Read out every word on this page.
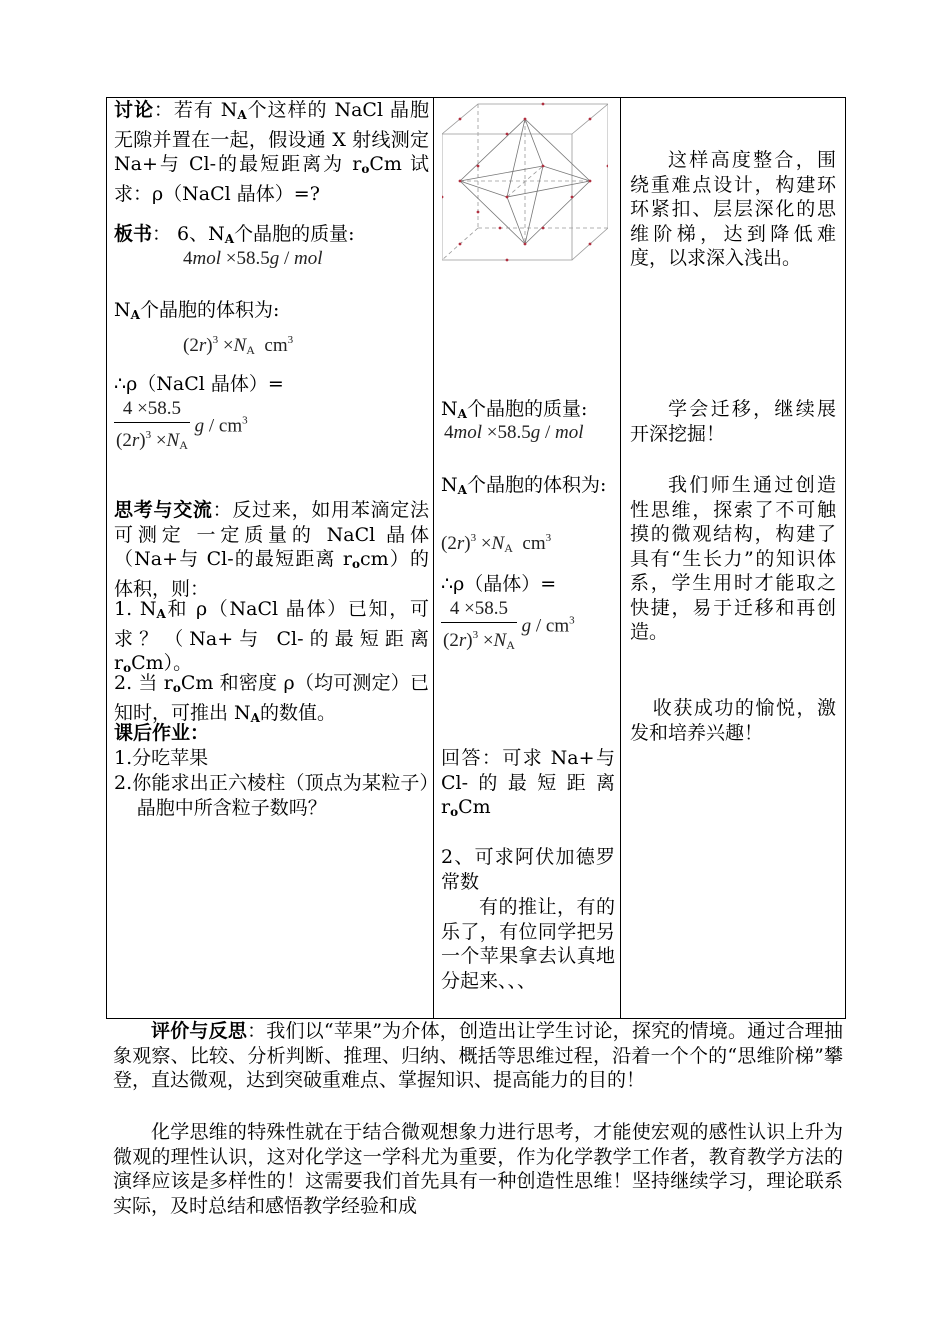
讨论：若有 $N_A$个这样的 NaCl 晶胞无隙并置在一起，假设通 X 射线测定 Na+与 Cl-的最短距离为 $r_oCm$ 试求：ρ（NaCl 晶体）=?
板书： 6、$N_A$个晶胞的质量:
4mol ×58.5g / mol
$N_A$个晶胞的体积为:
$(2r)^3 \times N_A$ $cm^3$
∴ρ（NaCl 晶体）=
$\frac{4 \times 58.5}{(2r)^3 \times N_A}$ g / $cm^3$
思考与交流：反过来，如用苯滴定法可测定 一定质量的 NaCl 晶体（Na+与 Cl-的最短距离 $r_ocm$）的体积，则：
1. $N_A$和 ρ（NaCl 晶体）已知，可求？（Na+与 Cl-的最短距离 $r_oCm$）。
2. 当 $r_oCm$ 和密度 ρ（均可测定）已知时，可推出 $N_A$的数值。
课后作业：
1.分吃苹果
2.你能求出正六棱柱（顶点为某粒子）晶胞中所含粒子数吗？
$N_A$个晶胞的质量:
4mol ×58.5g / mol
$N_A$个晶胞的体积为:
$(2r)^3 \times N_A$ $cm^3$
∴ρ（晶体）=
$\frac{4 \times 58.5}{(2r)^3 \times N_A}$ g / $cm^3$
回答：可求 Na+与 Cl-的最短距离 $r_oCm$
2、可求阿伏加德罗常数
有的推让，有的乐了，有位同学把另一个苹果拿去认真地分起来、、、
这样高度整合，围绕重难点设计，构建环环紧扣、层层深化的思维阶梯，达到降低难度，以求深入浅出。
学会迁移，继续展开深挖掘！
我们师生通过创造性思维，探索了不可触摸的微观结构，构建了具有“生长力”的知识体系，学生用时才能取之快捷，易于迁移和再创造。
收获成功的愉悦，激发和培养兴趣！
评价与反思：我们以“苹果”为介体，创造出让学生讨论，探究的情境。通过合理抽象观察、比较、分析判断、推理、归纳、概括等思维过程，沿着一个个的“思维阶梯”攀登，直达微观，达到突破重难点、掌握知识、提高能力的目的！
化学思维的特殊性就在于结合微观想象力进行思考，才能使宏观的感性认识上升为微观的理性认识，这对化学这一学科尤为重要，作为化学教学工作者，教育教学方法的演绎应该是多样性的！这需要我们首先具有一种创造性思维！坚持继续学习，理论联系实际，及时总结和感悟教学经验和成
